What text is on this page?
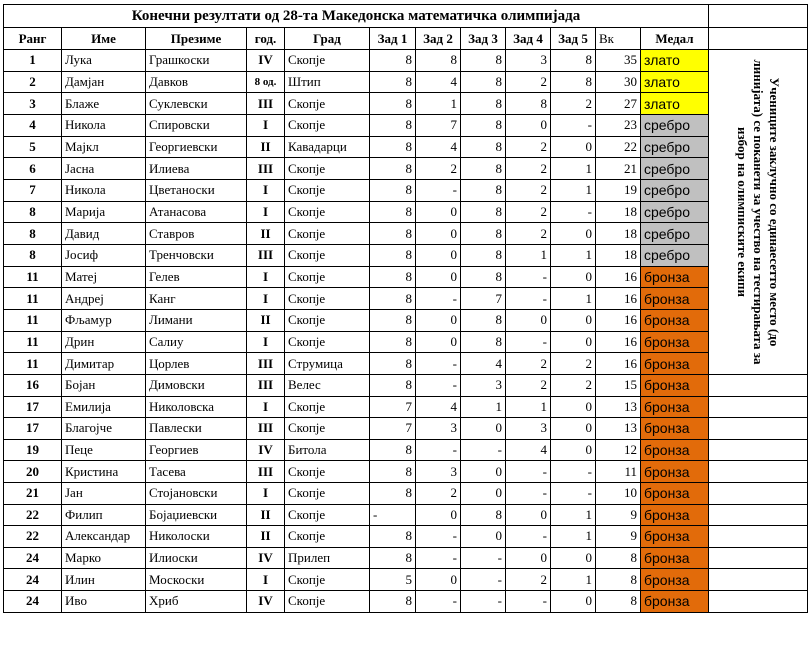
Конечни резултати од 28-та Македонска математичка олимпијада												
Ранг	Име	Презиме	год.	Град	Зад 1	Зад 2	Зад 3	Зад 4	Зад 5	Вк	Медал	
1	Лука	Грашкоски	IV	Скопје	8	8	8	3	8	35	злато	Учениците заклучно со единаесетто место (до линијата) се поканети за учество на тестирањата за избор на олимписките екипи

2	Дамјан	Давков	8 од.	Штип	8	4	8	2	8	30	злато	
3	Блаже	Суклевски	III	Скопје	8	1	8	8	2	27	злато	
4	Никола	Спировски	I	Скопје	8	7	8	0	-	23	сребро	
5	Мајкл	Георгиевски	II	Кавадарци	8	4	8	2	0	22	сребро	
6	Јасна	Илиева	III	Скопје	8	2	8	2	1	21	сребро	
7	Никола	Цветаноски	I	Скопје	8	-	8	2	1	19	сребро	
8	Марија	Атанасова	I	Скопје	8	0	8	2	-	18	сребро	
8	Давид	Ставров	II	Скопје	8	0	8	2	0	18	сребро	
8	Јосиф	Тренчовски	III	Скопје	8	0	8	1	1	18	сребро	
11	Матеј	Гелев	I	Скопје	8	0	8	-	0	16	бронза	
11	Андреј	Канг	I	Скопје	8	-	7	-	1	16	бронза	
11	Фљамур	Лимани	II	Скопје	8	0	8	0	0	16	бронза	
11	Дрин	Салиу	I	Скопје	8	0	8	-	0	16	бронза	
11	Димитар	Цорлев	III	Струмица	8	-	4	2	2	16	бронза	
16	Бојан	Димовски	III	Велес	8	-	3	2	2	15	бронза	
17	Емилија	Николовска	I	Скопје	7	4	1	1	0	13	бронза	
17	Благојче	Павлески	III	Скопје	7	3	0	3	0	13	бронза	
19	Пеце	Георгиев	IV	Битола	8	-	-	4	0	12	бронза	
20	Кристина	Тасева	III	Скопје	8	3	0	-	-	11	бронза	
21	Јан	Стојановски	I	Скопје	8	2	0	-	-	10	бронза	
22	Филип	Бојаџиевски	II	Скопје	-	0	8	0	1	9	бронза	
22	Александар	Николоски	II	Скопје	8	-	0	-	1	9	бронза	
24	Марко	Илиоски	IV	Прилеп	8	-	-	0	0	8	бронза	
24	Илин	Москоски	I	Скопје	5	0	-	2	1	8	бронза	
24	Иво	Хриб	IV	Скопје	8	-	-	-	0	8	бронза	
